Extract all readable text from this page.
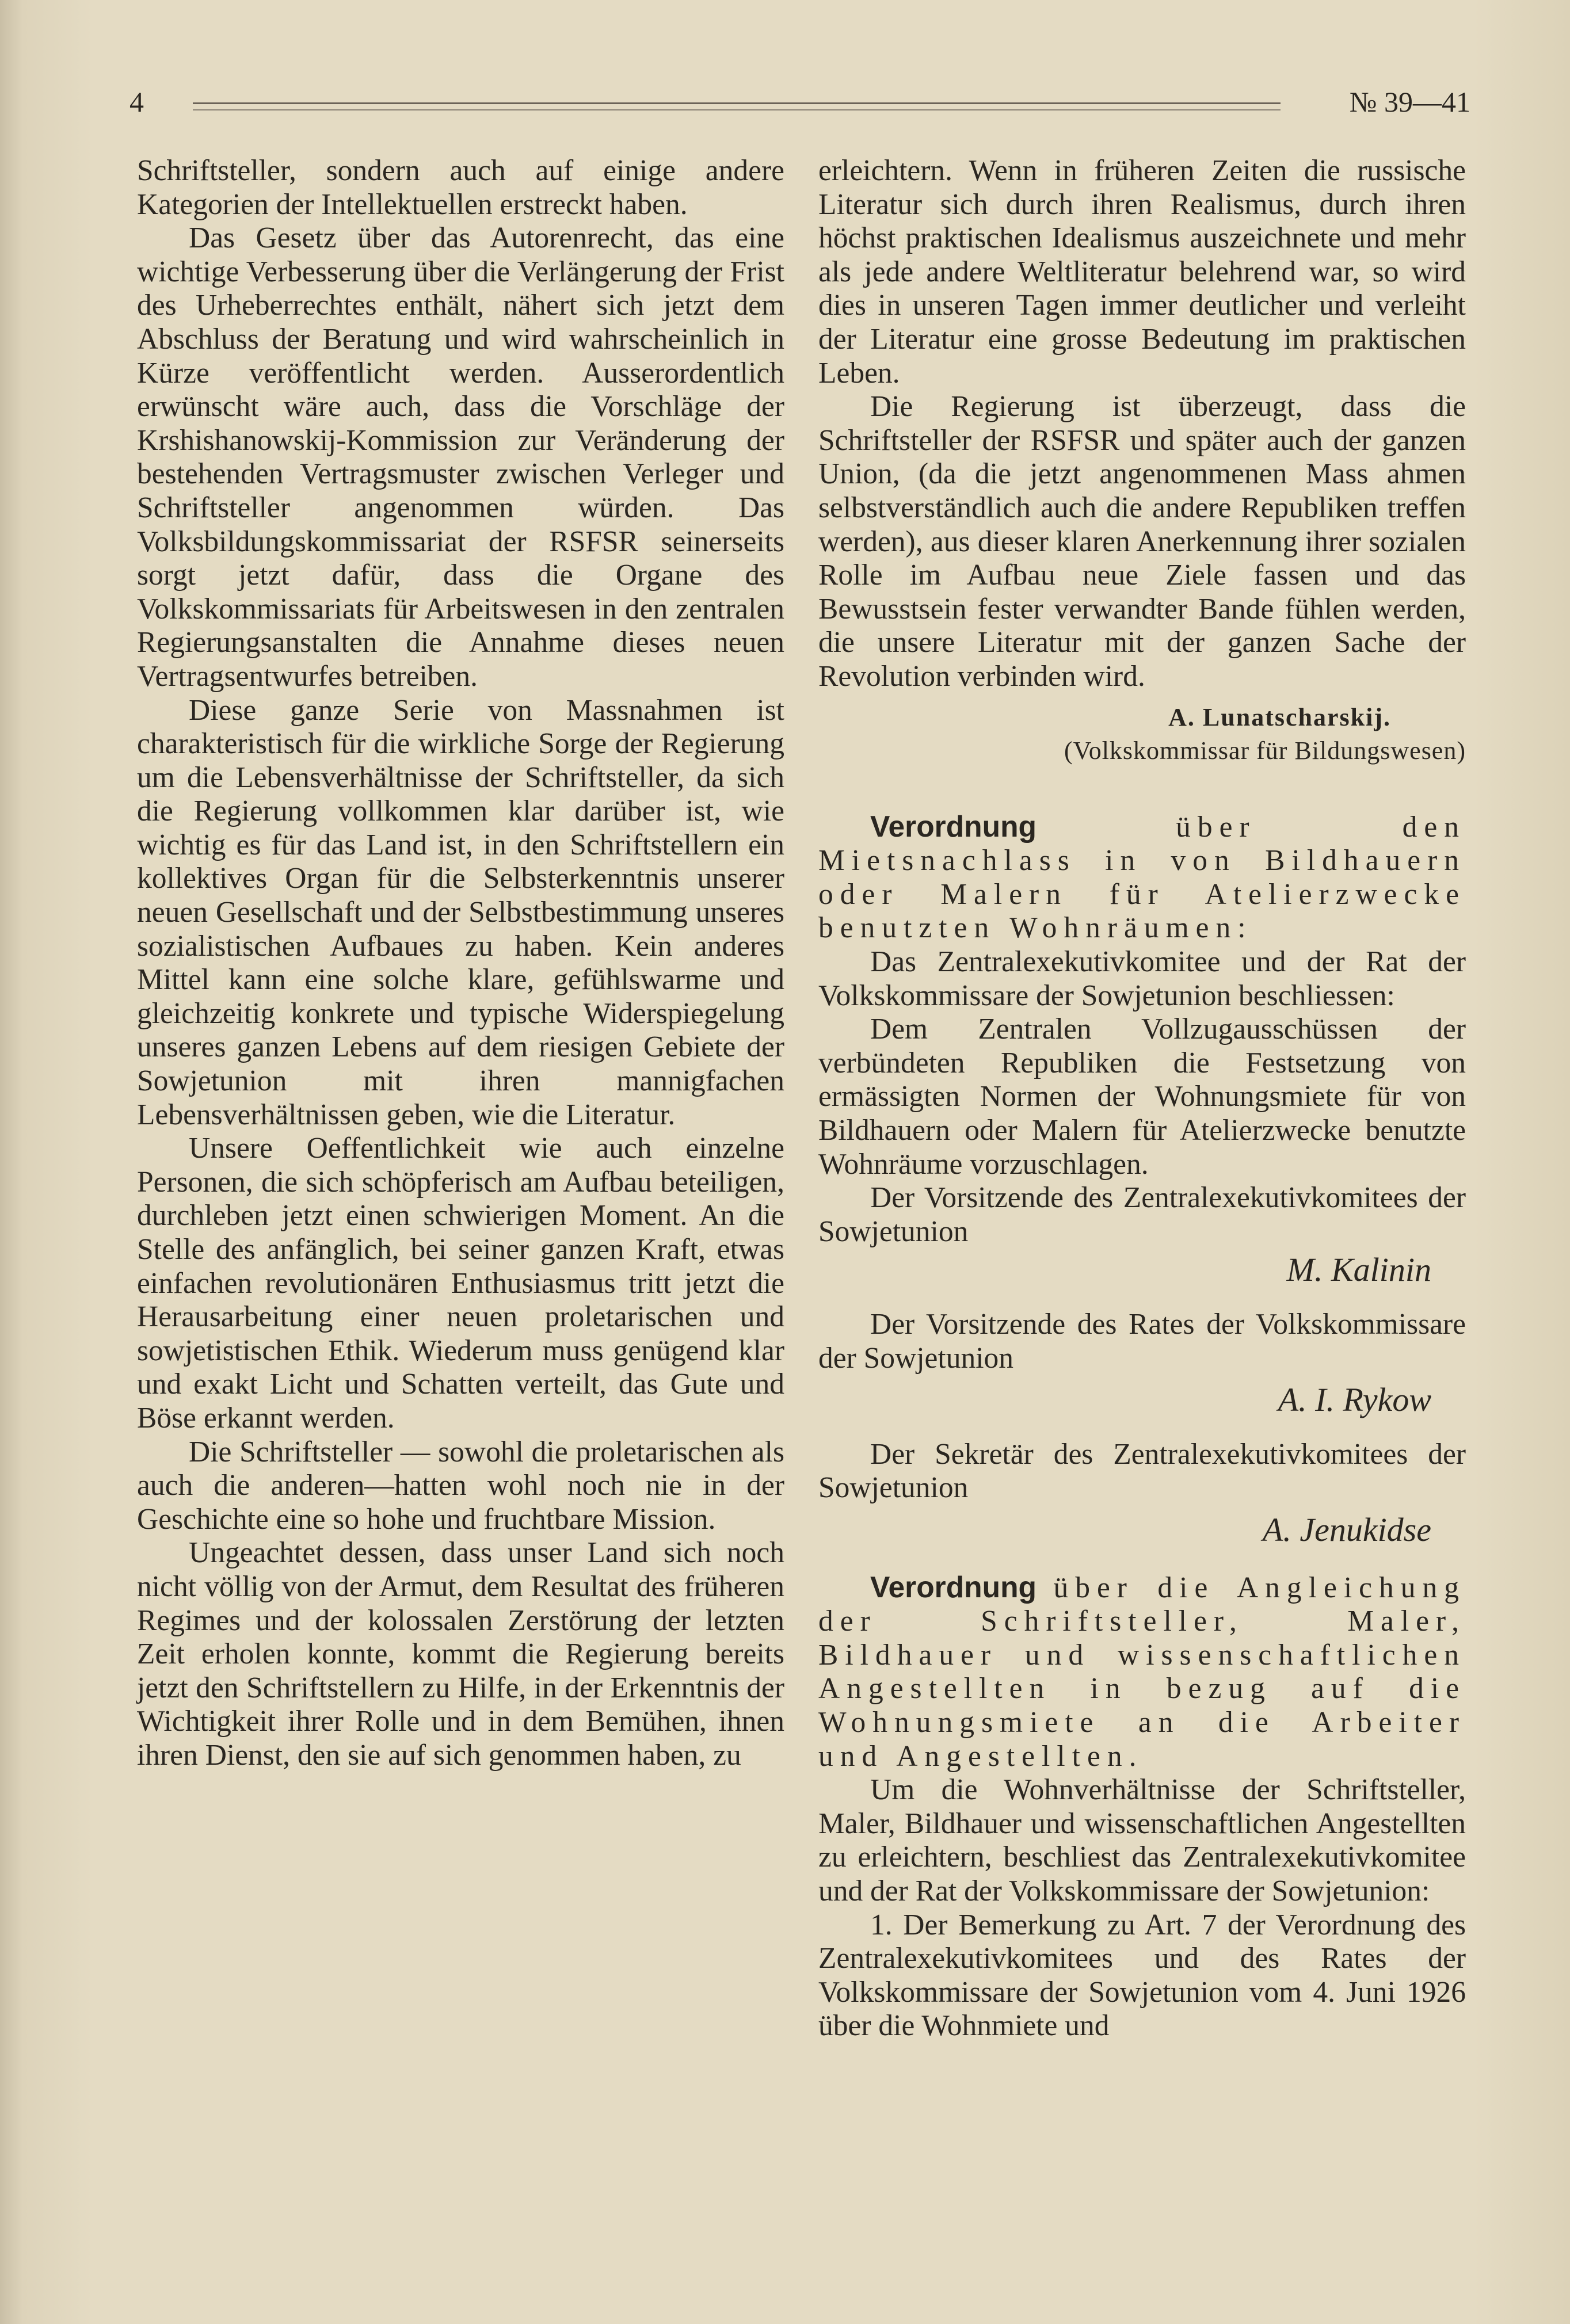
4	№ 39—41

Schriftsteller, sondern auch auf einige andere Kategorien der Intellektuellen erstreckt haben.

Das Gesetz über das Autorenrecht, das eine wichtige Verbesserung über die Verlängerung der Frist des Urheberrechtes enthält, nähert sich jetzt dem Abschluss der Beratung und wird wahrscheinlich in Kürze veröffentlicht werden. Ausserordentlich erwünscht wäre auch, dass die Vorschläge der Krshishanowskij-Kommission zur Veränderung der bestehenden Vertragsmuster zwischen Verleger und Schriftsteller angenommen würden. Das Volksbildungskommissariat der RSFSR seinerseits sorgt jetzt dafür, dass die Organe des Volkskommissariats für Arbeitswesen in den zentralen Regierungsanstalten die Annahme dieses neuen Vertragsentwurfes betreiben.

Diese ganze Serie von Massnahmen ist charakteristisch für die wirkliche Sorge der Regierung um die Lebensverhältnisse der Schriftsteller, da sich die Regierung vollkommen klar darüber ist, wie wichtig es für das Land ist, in den Schriftstellern ein kollektives Organ für die Selbsterkenntnis unserer neuen Gesellschaft und der Selbstbestimmung unseres sozialistischen Aufbaues zu haben. Kein anderes Mittel kann eine solche klare, gefühlswarme und gleichzeitig konkrete und typische Widerspiegelung unseres ganzen Lebens auf dem riesigen Gebiete der Sowjetunion mit ihren mannigfachen Lebensverhältnissen geben, wie die Literatur.

Unsere Oeffentlichkeit wie auch einzelne Personen, die sich schöpferisch am Aufbau beteiligen, durchleben jetzt einen schwierigen Moment. An die Stelle des anfänglich, bei seiner ganzen Kraft, etwas einfachen revolutionären Enthusiasmus tritt jetzt die Herausarbeitung einer neuen proletarischen und sowjetistischen Ethik. Wiederum muss genügend klar und exakt Licht und Schatten verteilt, das Gute und Böse erkannt werden.

Die Schriftsteller — sowohl die proletarischen als auch die anderen—hatten wohl noch nie in der Geschichte eine so hohe und fruchtbare Mission.

Ungeachtet dessen, dass unser Land sich noch nicht völlig von der Armut, dem Resultat des früheren Regimes und der kolossalen Zerstörung der letzten Zeit erholen konnte, kommt die Regierung bereits jetzt den Schriftstellern zu Hilfe, in der Erkenntnis der Wichtigkeit ihrer Rolle und in dem Bemühen, ihnen ihren Dienst, den sie auf sich genommen haben, zu

erleichtern. Wenn in früheren Zeiten die russische Literatur sich durch ihren Realismus, durch ihren höchst praktischen Idealismus auszeichnete und mehr als jede andere Weltliteratur belehrend war, so wird dies in unseren Tagen immer deutlicher und verleiht der Literatur eine grosse Bedeutung im praktischen Leben.

Die Regierung ist überzeugt, dass die Schriftsteller der RSFSR und später auch der ganzen Union, (da die jetzt angenommenen Mass ahmen selbstverständlich auch die andere Republiken treffen werden), aus dieser klaren Anerkennung ihrer sozialen Rolle im Aufbau neue Ziele fassen und das Bewusstsein fester verwandter Bande fühlen werden, die unsere Literatur mit der ganzen Sache der Revolution verbinden wird.

A. Lunatscharskij.
(Volkskommissar für Bildungswesen)
Verordnung	über den Mietsnachlass in von Bildhauern oder Malern für Atelierzwecke benutzten Wohnräumen:

Das Zentralexekutivkomitee und der Rat der Volkskommissare der Sowjetunion beschliessen:

Dem Zentralen Vollzugausschüssen der verbündeten Republiken die Festsetzung von ermässigten Normen der Wohnungsmiete für von Bildhauern oder Malern für Atelierzwecke benutzte Wohnräume vorzuschlagen.

Der Vorsitzende des Zentralexekutivkomitees der Sowjetunion

M. Kalinin

Der Vorsitzende des Rates der Volkskommissare der Sowjetunion

A. I. Rykow

Der Sekretär des Zentralexekutivkomitees der Sowjetunion

A. Jenukidse
Verordnung über die Angleichung der Schriftsteller, Maler, Bildhauer und wissenschaftlichen Angestellten in bezug auf die Wohnungsmiete an die Arbeiter und Angestellten.

Um die Wohnverhältnisse der Schriftsteller, Maler, Bildhauer und wissenschaftlichen Angestellten zu erleichtern, beschliest das Zentralexekutivkomitee und der Rat der Volkskommissare der Sowjetunion:

1. Der Bemerkung zu Art. 7 der Verordnung des Zentralexekutivkomitees und des Rates der Volkskommissare der Sowjetunion vom 4. Juni 1926 über die Wohnmiete und
